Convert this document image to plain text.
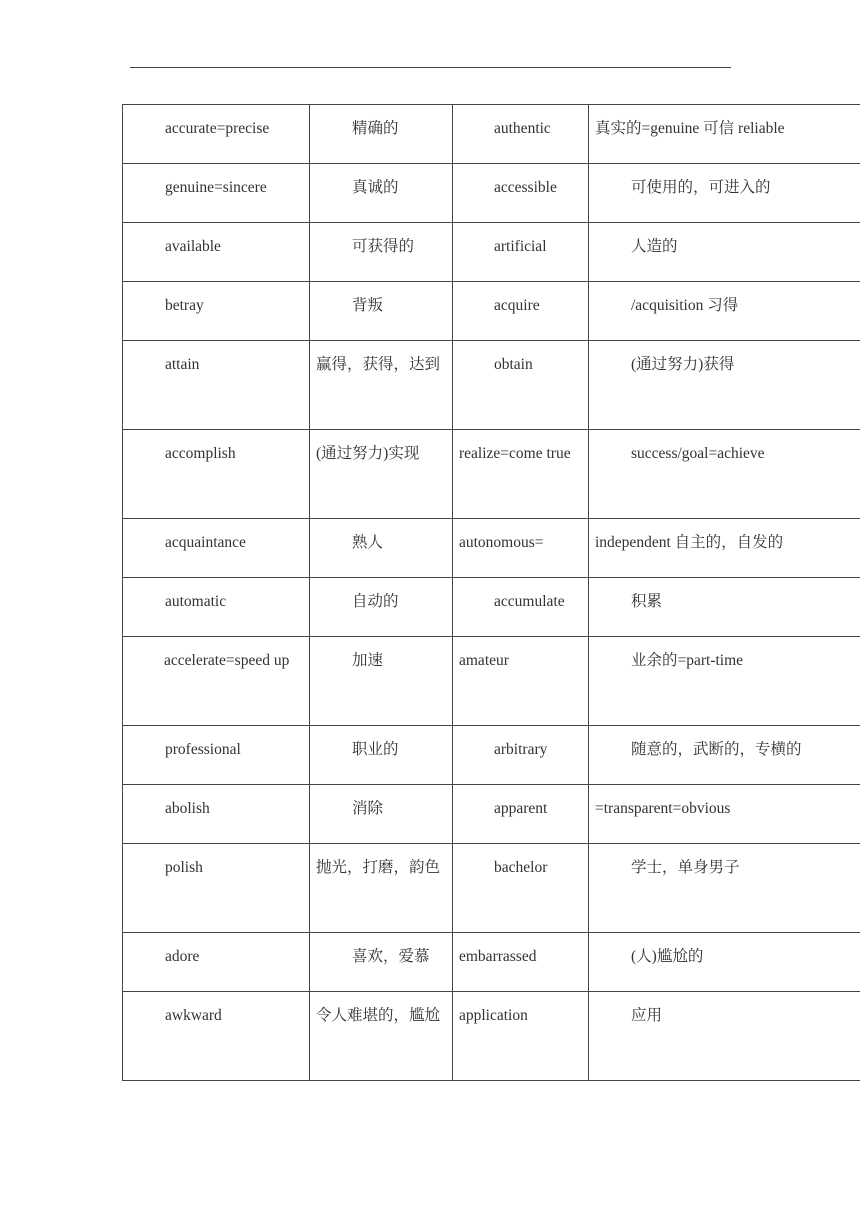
accurate=precise	精确的	authentic	真实的=genuine 可信 reliable

genuine=sincere	真诚的	accessible	可使用的，可进入的

available	可获得的	artificial	人造的

betray	背叛	acquire	/acquisition 习得

attain	赢得，获得，达到	obtain	(通过努力)获得

accomplish	(通过努力)实现	realize=come true	success/goal=achieve

acquaintance	熟人	autonomous=	independent 自主的，自发的

automatic	自动的	accumulate	积累

accelerate=speed up	加速	amateur	业余的=part-time

professional	职业的	arbitrary	随意的，武断的，专横的

abolish	消除	apparent	=transparent=obvious

polish	抛光，打磨，韵色	bachelor	学士，单身男子

adore	喜欢，爱慕	embarrassed	(人)尴尬的

awkward	令人难堪的，尴尬	application	应用
